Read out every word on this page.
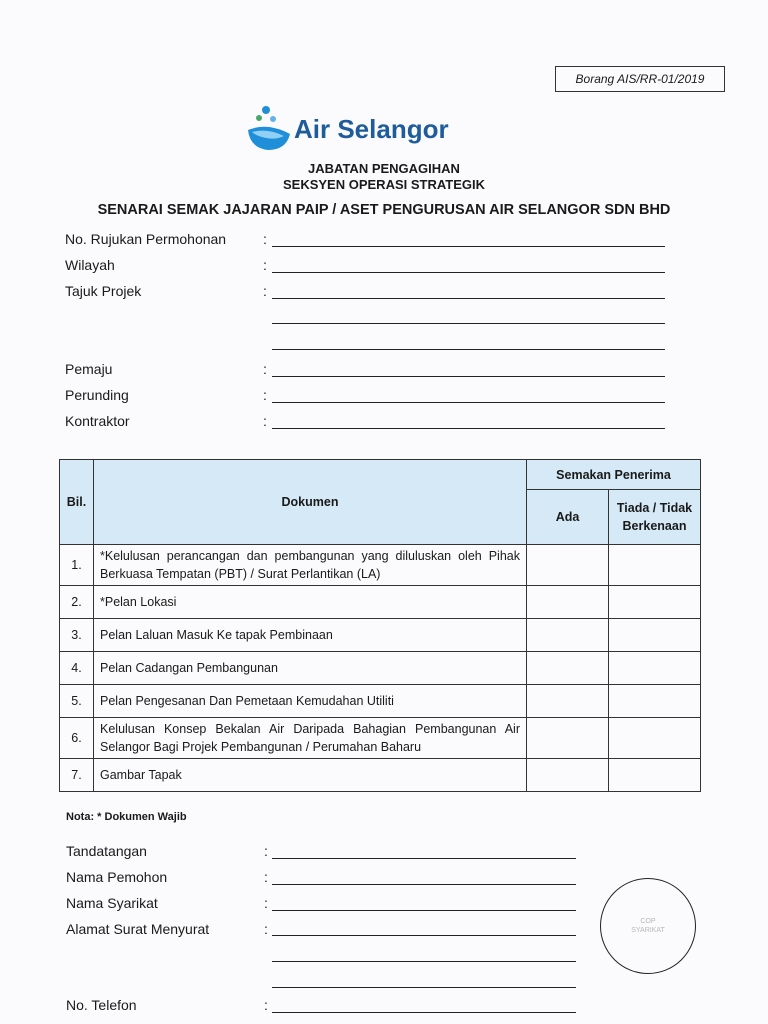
Borang AIS/RR-01/2019
Air Selangor
JABATAN PENGAGIHAN
SEKSYEN OPERASI STRATEGIK
SENARAI SEMAK JAJARAN PAIP / ASET PENGURUSAN AIR SELANGOR SDN BHD
No. Rujukan Permohonan	:
Wilayah	:
Tajuk Projek	:
Pemaju	:
Perunding	:
Kontraktor	:
Bil.	Dokumen	Semakan Penerima	
		Ada	Tiada / Tidak Berkenaan
1.	*Kelulusan perancangan dan pembangunan yang diluluskan oleh Pihak Berkuasa Tempatan (PBT) / Surat Perlantikan (LA)		
2.	*Pelan Lokasi		
3.	Pelan Laluan Masuk Ke tapak Pembinaan		
4.	Pelan Cadangan Pembangunan		
5.	Pelan Pengesanan Dan Pemetaan Kemudahan Utiliti		
6.	Kelulusan Konsep Bekalan Air Daripada Bahagian Pembangunan Air Selangor Bagi Projek Pembangunan / Perumahan Baharu		
7.	Gambar Tapak		
Nota: * Dokumen Wajib
Tandatangan	:
Nama Pemohon	:
Nama Syarikat	:
Alamat Surat Menyurat	:
No. Telefon	:
COP SYARIKAT
